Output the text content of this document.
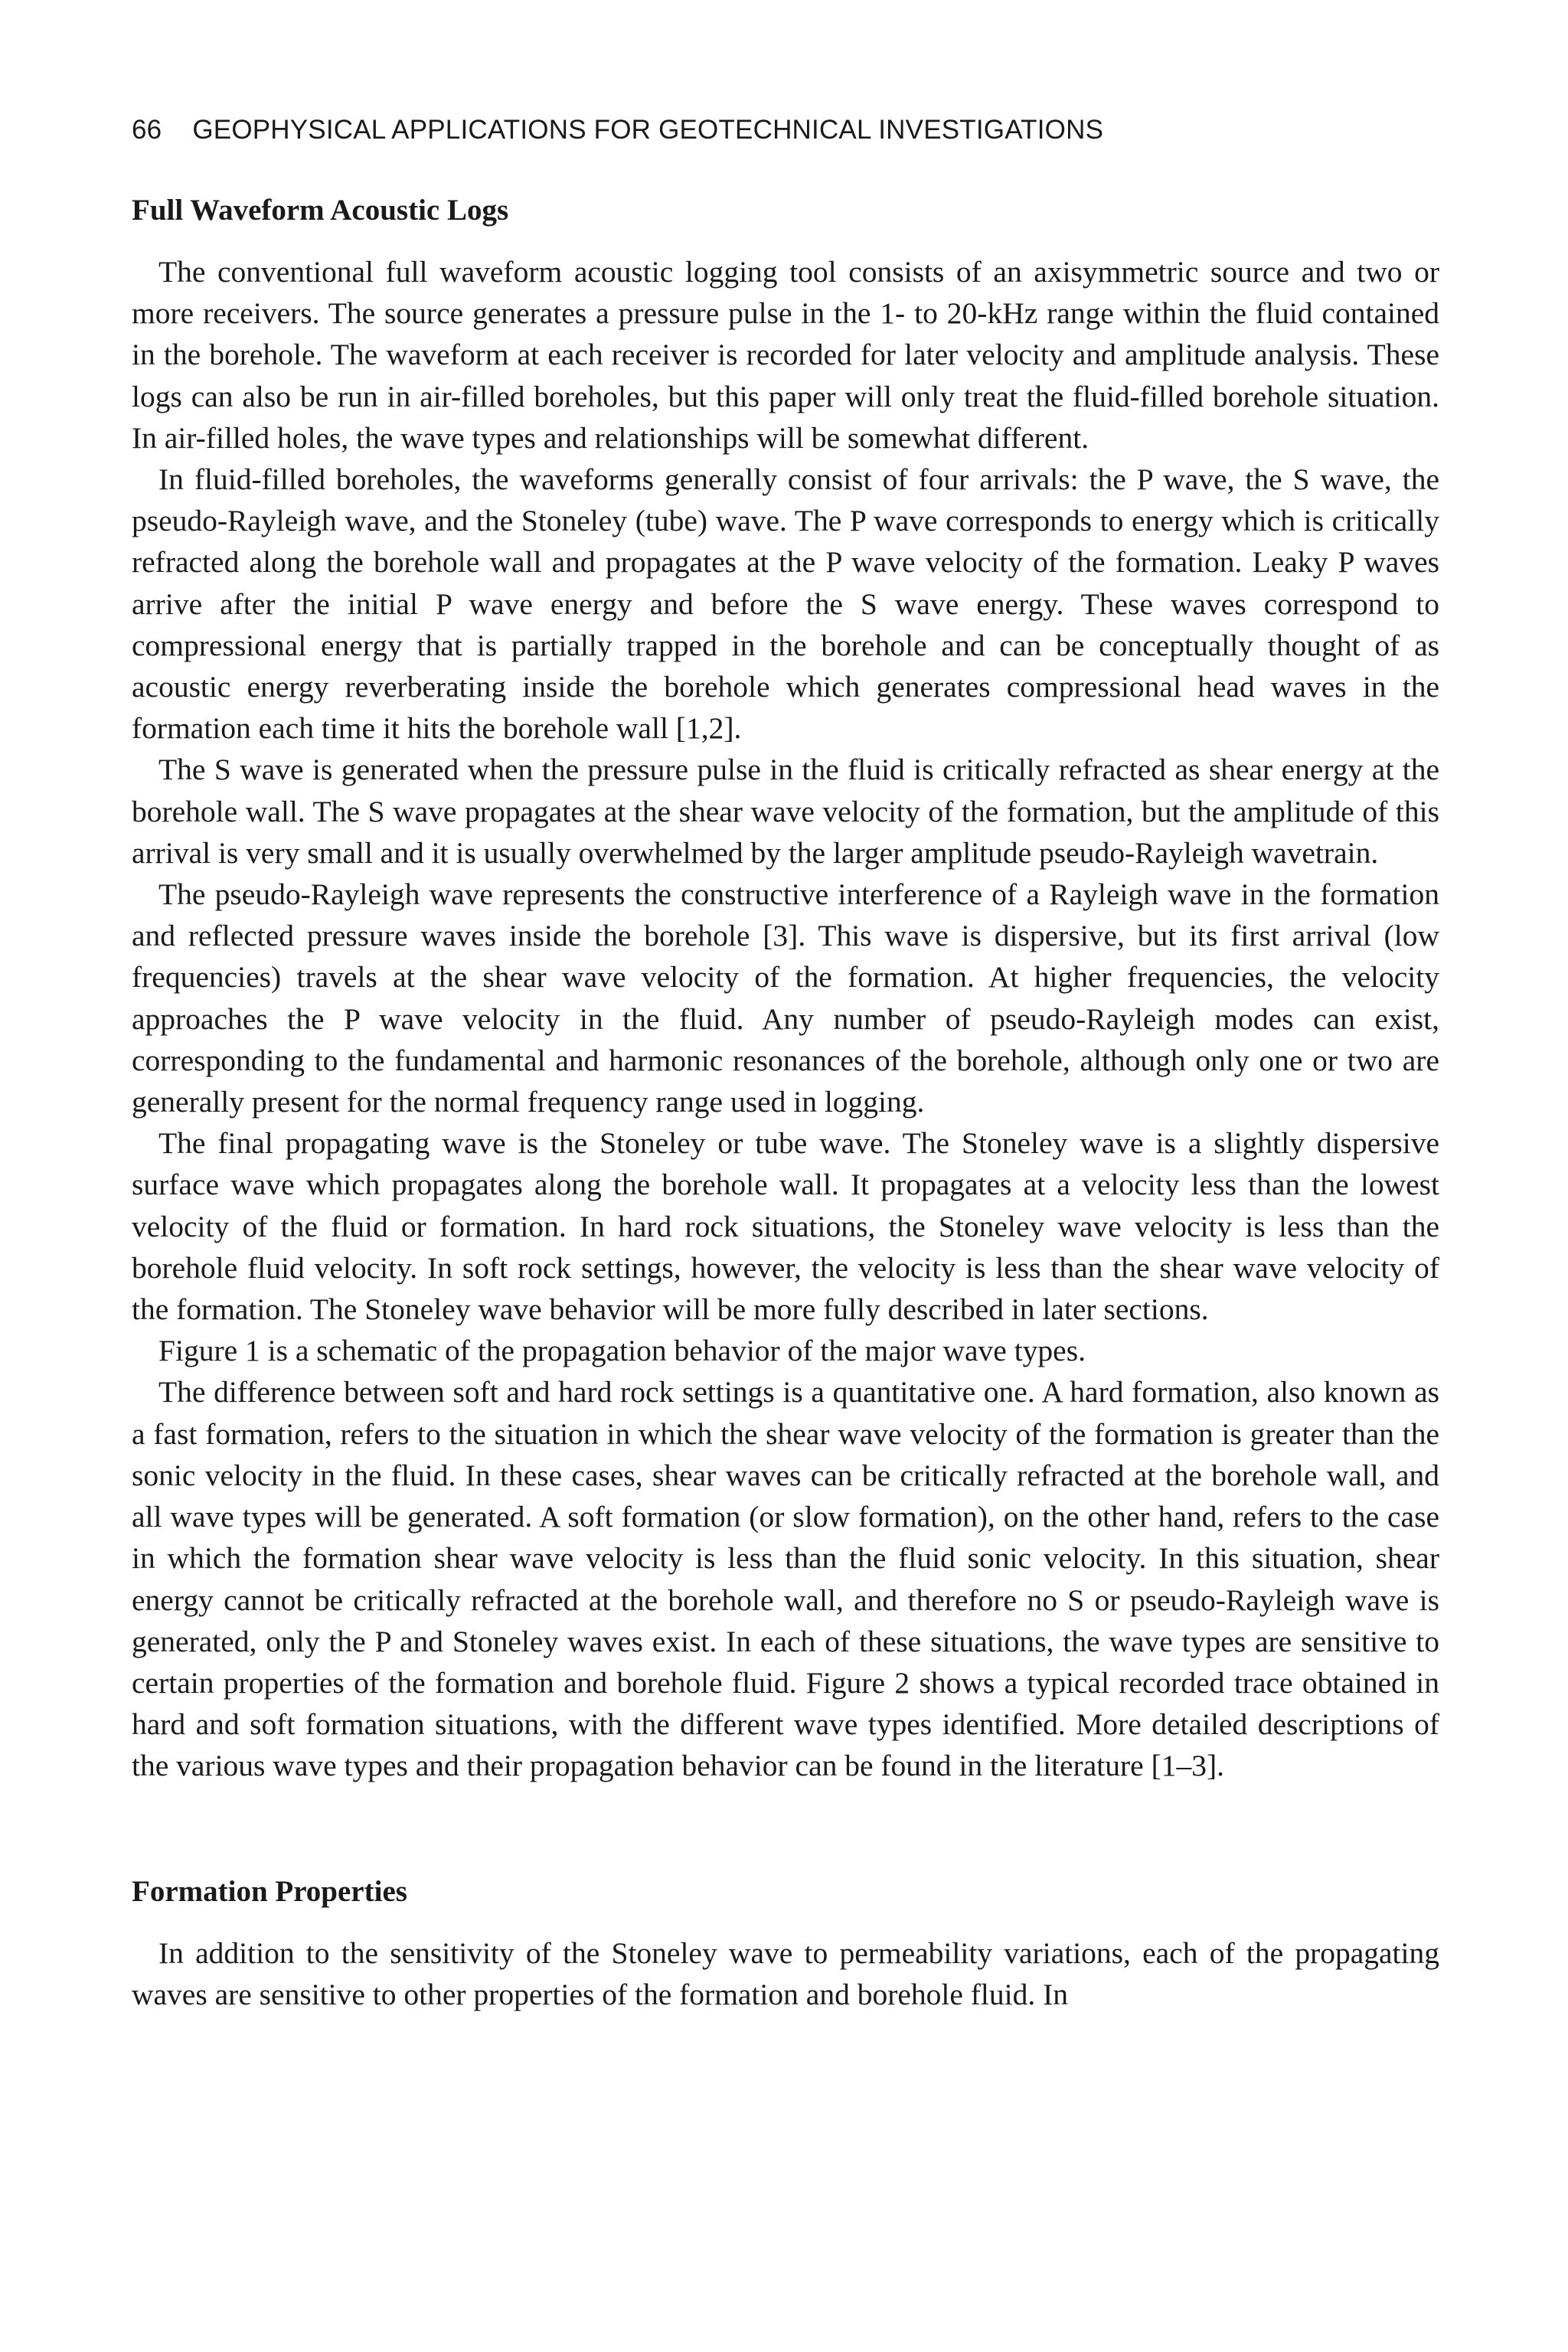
66 GEOPHYSICAL APPLICATIONS FOR GEOTECHNICAL INVESTIGATIONS
Full Waveform Acoustic Logs

The conventional full waveform acoustic logging tool consists of an axisymmetric source and two or more receivers. The source generates a pressure pulse in the 1- to 20-kHz range within the fluid contained in the borehole. The waveform at each receiver is recorded for later velocity and amplitude analysis. These logs can also be run in air-filled boreholes, but this paper will only treat the fluid-filled borehole situation. In air-filled holes, the wave types and relationships will be somewhat different.

In fluid-filled boreholes, the waveforms generally consist of four arrivals: the P wave, the S wave, the pseudo-Rayleigh wave, and the Stoneley (tube) wave. The P wave corresponds to energy which is critically refracted along the borehole wall and propagates at the P wave velocity of the formation. Leaky P waves arrive after the initial P wave energy and before the S wave energy. These waves correspond to compressional energy that is partially trapped in the borehole and can be conceptually thought of as acoustic energy reverberating inside the borehole which generates compressional head waves in the formation each time it hits the borehole wall [1,2].

The S wave is generated when the pressure pulse in the fluid is critically refracted as shear energy at the borehole wall. The S wave propagates at the shear wave velocity of the formation, but the amplitude of this arrival is very small and it is usually overwhelmed by the larger amplitude pseudo-Rayleigh wavetrain.

The pseudo-Rayleigh wave represents the constructive interference of a Rayleigh wave in the formation and reflected pressure waves inside the borehole [3]. This wave is dispersive, but its first arrival (low frequencies) travels at the shear wave velocity of the formation. At higher frequencies, the velocity approaches the P wave velocity in the fluid. Any number of pseudo-Rayleigh modes can exist, corresponding to the fundamental and harmonic resonances of the borehole, although only one or two are generally present for the normal frequency range used in logging.

The final propagating wave is the Stoneley or tube wave. The Stoneley wave is a slightly dispersive surface wave which propagates along the borehole wall. It propagates at a velocity less than the lowest velocity of the fluid or formation. In hard rock situations, the Stoneley wave velocity is less than the borehole fluid velocity. In soft rock settings, however, the velocity is less than the shear wave velocity of the formation. The Stoneley wave behavior will be more fully described in later sections.

Figure 1 is a schematic of the propagation behavior of the major wave types.

The difference between soft and hard rock settings is a quantitative one. A hard formation, also known as a fast formation, refers to the situation in which the shear wave velocity of the formation is greater than the sonic velocity in the fluid. In these cases, shear waves can be critically refracted at the borehole wall, and all wave types will be generated. A soft formation (or slow formation), on the other hand, refers to the case in which the formation shear wave velocity is less than the fluid sonic velocity. In this situation, shear energy cannot be critically refracted at the borehole wall, and therefore no S or pseudo-Rayleigh wave is generated, only the P and Stoneley waves exist. In each of these situations, the wave types are sensitive to certain properties of the formation and borehole fluid. Figure 2 shows a typical recorded trace obtained in hard and soft formation situations, with the different wave types identified. More detailed descriptions of the various wave types and their propagation behavior can be found in the literature [1–3].

Formation Properties

In addition to the sensitivity of the Stoneley wave to permeability variations, each of the propagating waves are sensitive to other properties of the formation and borehole fluid. In
